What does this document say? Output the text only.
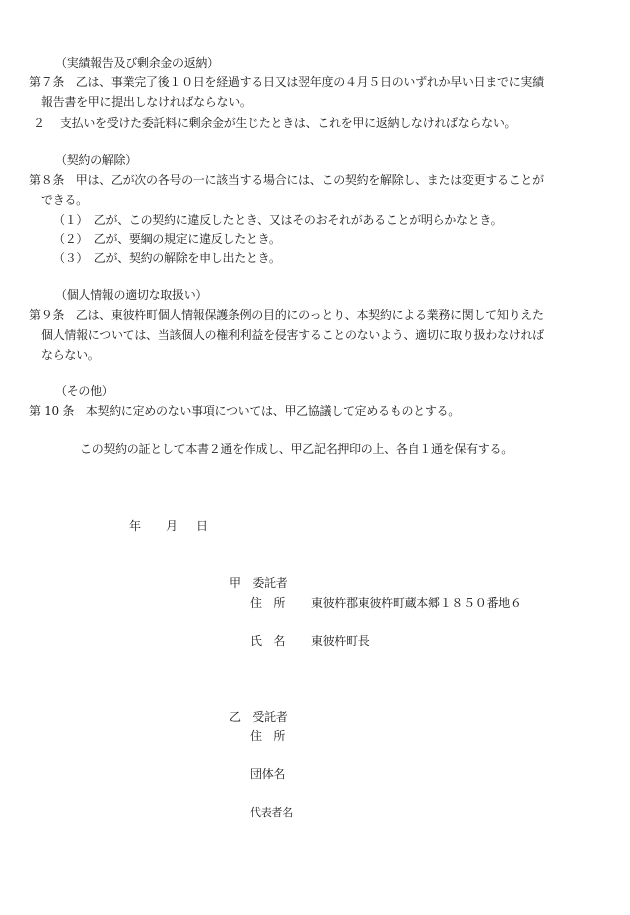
（実績報告及び剰余金の返納）
第７条　乙は、事業完了後１０日を経過する日又は翌年度の４月５日のいずれか早い日までに実績
報告書を甲に提出しなければならない。
２　 支払いを受けた委託料に剰余金が生じたときは、これを甲に返納しなければならない。
（契約の解除）
第８条　甲は、乙が次の各号の一に該当する場合には、この契約を解除し、または変更することが
できる。
（１）　乙が、この契約に違反したとき、又はそのおそれがあることが明らかなとき。
（２）　乙が、要綱の規定に違反したとき。
（３）　乙が、契約の解除を申し出たとき。
（個人情報の適切な取扱い）
第９条　乙は、東彼杵町個人情報保護条例の目的にのっとり、本契約による業務に関して知りえた
個人情報については、当該個人の権利利益を侵害することのないよう、適切に取り扱わなければ
ならない。
（その他）
第 10 条　本契約に定めのない事項については、甲乙協議して定めるものとする。
この契約の証として本書２通を作成し、甲乙記名押印の上、各自１通を保有する。
年 月 日
甲　委託者
住　所 東彼杵郡東彼杵町蔵本郷１８５０番地６
氏　名 東彼杵町長
乙　受託者
住　所
団体名
代表者名
